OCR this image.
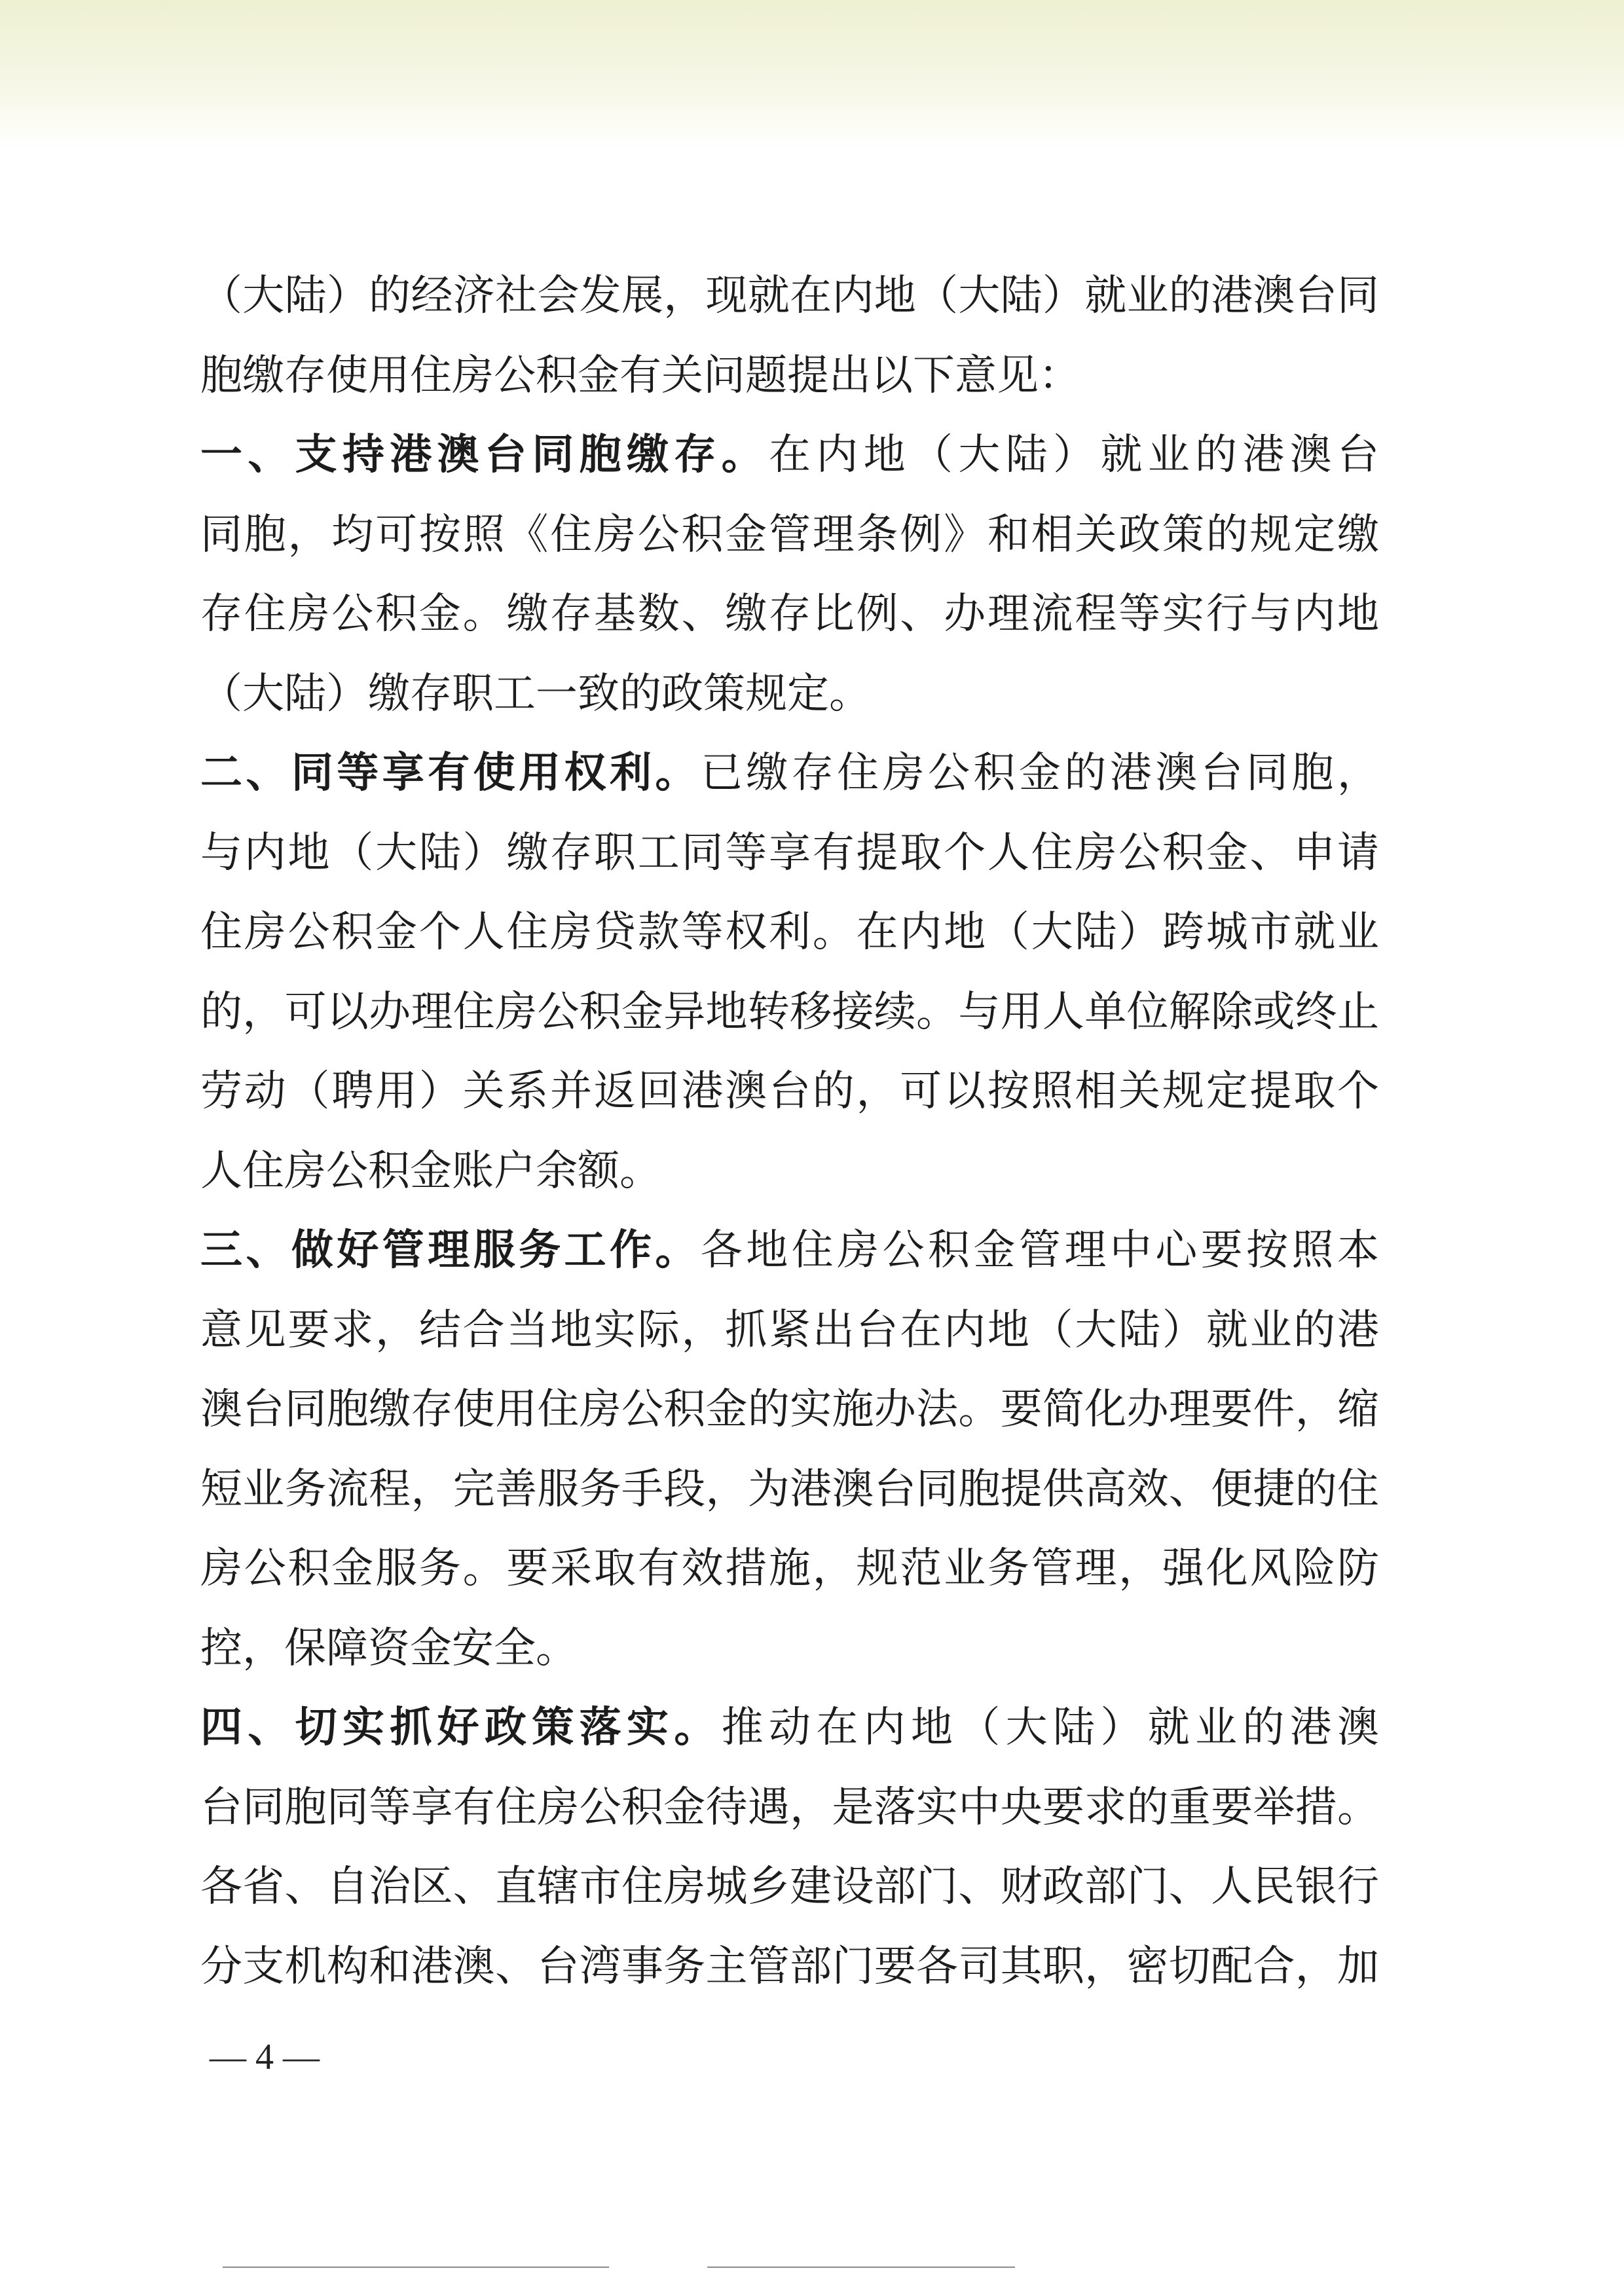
（大陆）的经济社会发展，现就在内地（大陆）就业的港澳台同
胞缴存使用住房公积金有关问题提出以下意见：
一、支持港澳台同胞缴存。在内地（大陆）就业的港澳台
同胞，均可按照《住房公积金管理条例》和相关政策的规定缴
存住房公积金。缴存基数、缴存比例、办理流程等实行与内地
（大陆）缴存职工一致的政策规定。
二、同等享有使用权利。已缴存住房公积金的港澳台同胞，
与内地（大陆）缴存职工同等享有提取个人住房公积金、申请
住房公积金个人住房贷款等权利。在内地（大陆）跨城市就业
的，可以办理住房公积金异地转移接续。与用人单位解除或终止
劳动（聘用）关系并返回港澳台的，可以按照相关规定提取个
人住房公积金账户余额。
三、做好管理服务工作。各地住房公积金管理中心要按照本
意见要求，结合当地实际，抓紧出台在内地（大陆）就业的港
澳台同胞缴存使用住房公积金的实施办法。要简化办理要件，缩
短业务流程，完善服务手段，为港澳台同胞提供高效、便捷的住
房公积金服务。要采取有效措施，规范业务管理，强化风险防
控，保障资金安全。
四、切实抓好政策落实。推动在内地（大陆）就业的港澳
台同胞同等享有住房公积金待遇，是落实中央要求的重要举措。
各省、自治区、直辖市住房城乡建设部门、财政部门、人民银行
分支机构和港澳、台湾事务主管部门要各司其职，密切配合，加
— 4 —
